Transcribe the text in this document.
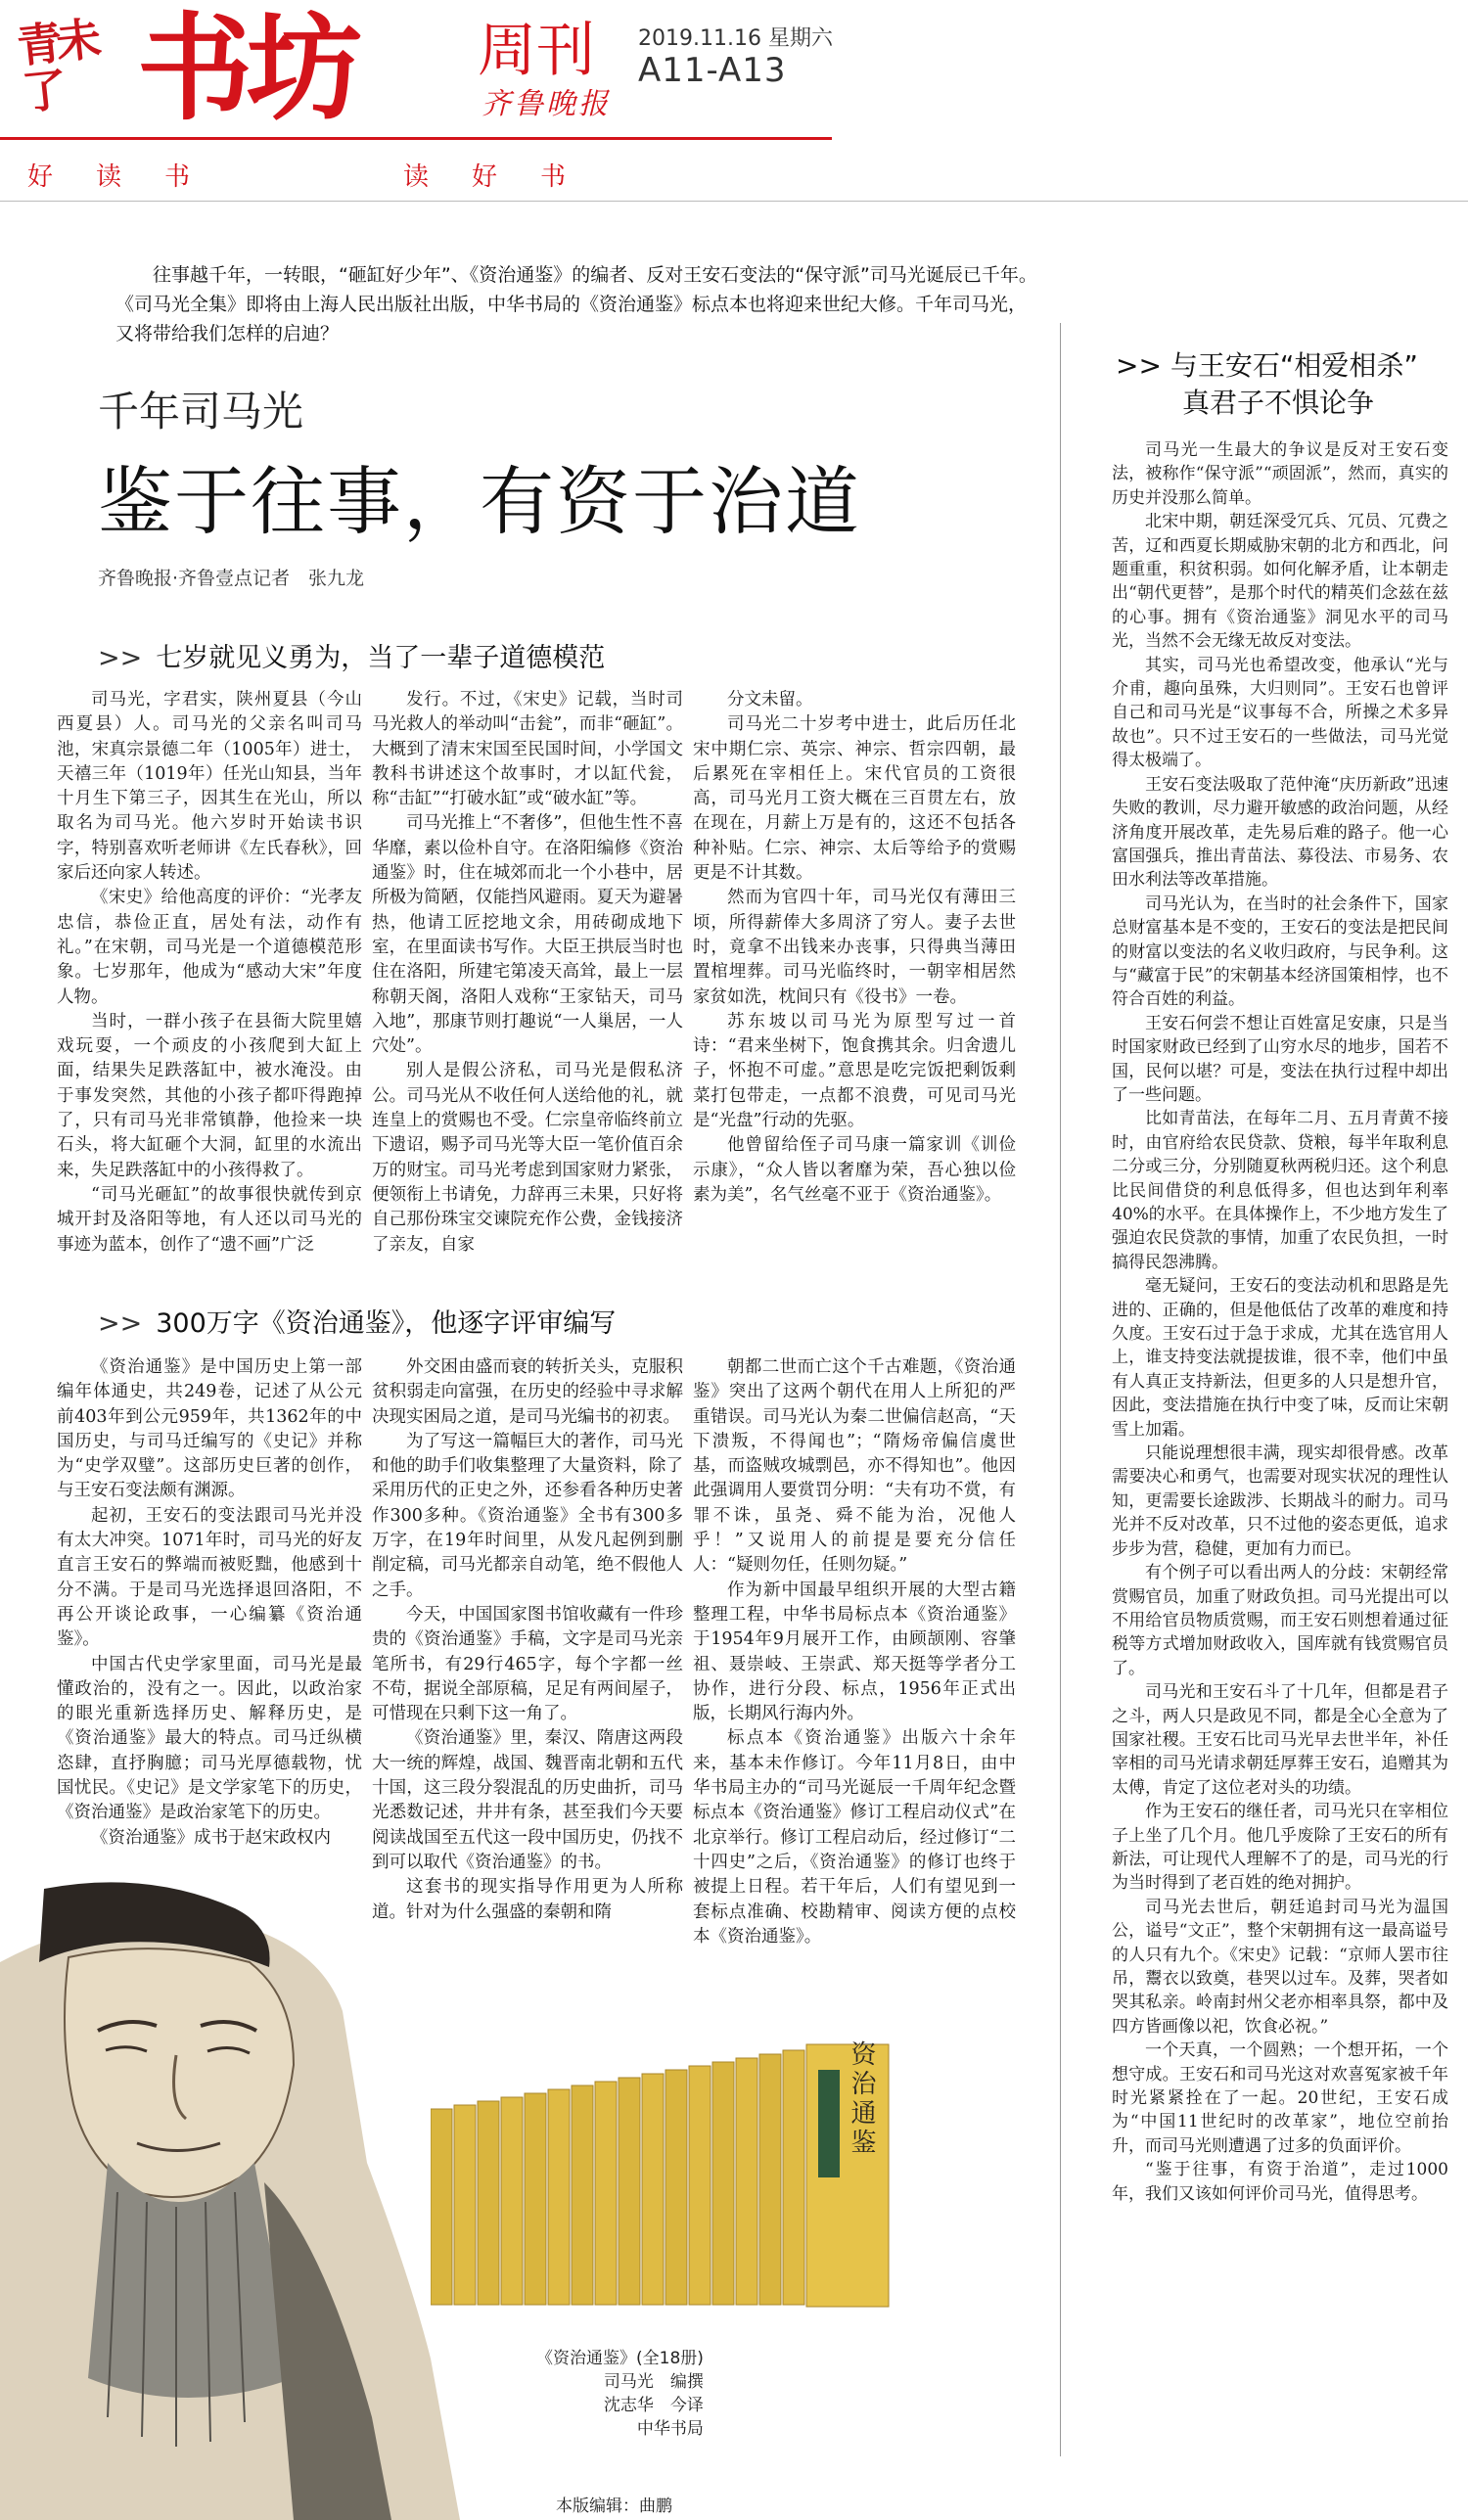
青未了 书坊 周刊
齐鲁晚报
2019.11.16 星期六
A11-A13
好读书	读好书
往事越千年，一转眼，“砸缸好少年”、《资治通鉴》的编者、反对王安石变法的“保守派”司马光诞辰已千年。《司马光全集》即将由上海人民出版社出版，中华书局的《资治通鉴》标点本也将迎来世纪大修。千年司马光，又将带给我们怎样的启迪？
千年司马光
鉴于往事，有资于治道
齐鲁晚报·齐鲁壹点记者　张九龙
>> 七岁就见义勇为，当了一辈子道德模范

司马光，字君实，陕州夏县（今山西夏县）人。司马光的父亲名叫司马池，宋真宗景德二年（1005年）进士，天禧三年（1019年）任光山知县，当年十月生下第三子，因其生在光山，所以取名为司马光。他六岁时开始读书识字，特别喜欢听老师讲《左氏春秋》，回家后还向家人转述。

《宋史》给他高度的评价：“光孝友忠信，恭俭正直，居处有法，动作有礼。”在宋朝，司马光是一个道德模范形象。七岁那年，他成为“感动大宋”年度人物。

当时，一群小孩子在县衙大院里嬉戏玩耍，一个顽皮的小孩爬到大缸上面，结果失足跌落缸中，被水淹没。由于事发突然，其他的小孩子都吓得跑掉了，只有司马光非常镇静，他捡来一块石头，将大缸砸个大洞，缸里的水流出来，失足跌落缸中的小孩得救了。

“司马光砸缸”的故事很快就传到京城开封及洛阳等地，有人还以司马光的事迹为蓝本，创作了“遗不画”广泛

发行。不过，《宋史》记载，当时司马光救人的举动叫“击瓮”，而非“砸缸”。大概到了清末宋国至民国时间，小学国文教科书讲述这个故事时，才以缸代瓮，称“击缸”“打破水缸”或“破水缸”等。

司马光推上“不奢侈”，但他生性不喜华靡，素以俭朴自守。在洛阳编修《资治通鉴》时，住在城郊而北一个小巷中，居所极为简陋，仅能挡风避雨。夏天为避暑热，他请工匠挖地文余，用砖砌成地下室，在里面读书写作。大臣王拱辰当时也住在洛阳，所建宅第凌天高耸，最上一层称朝天阁，洛阳人戏称“王家钻天，司马入地”，那康节则打趣说“一人巢居，一人穴处”。

别人是假公济私，司马光是假私济公。司马光从不收任何人送给他的礼，就连皇上的赏赐也不受。仁宗皇帝临终前立下遗诏，赐予司马光等大臣一笔价值百余万的财宝。司马光考虑到国家财力紧张，便领衔上书请免，力辞再三未果，只好将自己那份珠宝交谏院充作公费，金钱接济了亲友，自家

分文未留。

司马光二十岁考中进士，此后历任北宋中期仁宗、英宗、神宗、哲宗四朝，最后累死在宰相任上。宋代官员的工资很高，司马光月工资大概在三百贯左右，放在现在，月薪上万是有的，这还不包括各种补贴。仁宗、神宗、太后等给予的赏赐更是不计其数。

然而为官四十年，司马光仅有薄田三顷，所得薪俸大多周济了穷人。妻子去世时，竟拿不出钱来办丧事，只得典当薄田置棺埋葬。司马光临终时，一朝宰相居然家贫如洗，枕间只有《役书》一卷。

苏东坡以司马光为原型写过一首诗：“君来坐树下，饱食携其余。归舍遗儿子，怀抱不可虚。”意思是吃完饭把剩饭剩菜打包带走，一点都不浪费，可见司马光是“光盘”行动的先驱。

他曾留给侄子司马康一篇家训《训俭示康》，“众人皆以奢靡为荣，吾心独以俭素为美”，名气丝毫不亚于《资治通鉴》。

>> 300万字《资治通鉴》，他逐字评审编写

《资治通鉴》是中国历史上第一部编年体通史，共249卷，记述了从公元前403年到公元959年，共1362年的中国历史，与司马迁编写的《史记》并称为“史学双璧”。这部历史巨著的创作，与王安石变法颇有渊源。

起初，王安石的变法跟司马光并没有太大冲突。1071年时，司马光的好友直言王安石的弊端而被贬黜，他感到十分不满。于是司马光选择退回洛阳，不再公开谈论政事，一心编纂《资治通鉴》。

中国古代史学家里面，司马光是最懂政治的，没有之一。因此，以政治家的眼光重新选择历史、解释历史，是《资治通鉴》最大的特点。司马迁纵横恣肆，直抒胸臆；司马光厚德载物，忧国忧民。《史记》是文学家笔下的历史，《资治通鉴》是政治家笔下的历史。

《资治通鉴》成书于赵宋政权内

外交困由盛而衰的转折关头，克服积贫积弱走向富强，在历史的经验中寻求解决现实困局之道，是司马光编书的初衷。

为了写这一篇幅巨大的著作，司马光和他的助手们收集整理了大量资料，除了采用历代的正史之外，还参看各种历史著作300多种。《资治通鉴》全书有300多万字，在19年时间里，从发凡起例到删削定稿，司马光都亲自动笔，绝不假他人之手。

今天，中国国家图书馆收藏有一件珍贵的《资治通鉴》手稿，文字是司马光亲笔所书，有29行465字，每个字都一丝不苟，据说全部原稿，足足有两间屋子，可惜现在只剩下这一角了。

《资治通鉴》里，秦汉、隋唐这两段大一统的辉煌，战国、魏晋南北朝和五代十国，这三段分裂混乱的历史曲折，司马光悉数记述，井井有条，甚至我们今天要阅读战国至五代这一段中国历史，仍找不到可以取代《资治通鉴》的书。

这套书的现实指导作用更为人所称道。针对为什么强盛的秦朝和隋

朝都二世而亡这个千古难题，《资治通鉴》突出了这两个朝代在用人上所犯的严重错误。司马光认为秦二世偏信赵高，“天下溃叛，不得闻也”；“隋炀帝偏信虞世基，而盗贼攻城剽邑，亦不得知也”。他因此强调用人要赏罚分明：“夫有功不赏，有罪不诛，虽尧、舜不能为治，况他人乎！”又说用人的前提是要充分信任人：“疑则勿任，任则勿疑。”

作为新中国最早组织开展的大型古籍整理工程，中华书局标点本《资治通鉴》于1954年9月展开工作，由顾颉刚、容肇祖、聂崇岐、王崇武、郑天挺等学者分工协作，进行分段、标点，1956年正式出版，长期风行海内外。

标点本《资治通鉴》出版六十余年来，基本未作修订。今年11月8日，由中华书局主办的“司马光诞辰一千周年纪念暨标点本《资治通鉴》修订工程启动仪式”在北京举行。修订工程启动后，经过修订“二十四史”之后，《资治通鉴》的修订也终于被提上日程。若干年后，人们有望见到一套标点准确、校勘精审、阅读方便的点校本《资治通鉴》。

>> 与王安石“相爱相杀”
真君子不惧论争

司马光一生最大的争议是反对王安石变法，被称作“保守派”“顽固派”，然而，真实的历史并没那么简单。

北宋中期，朝廷深受冗兵、冗员、冗费之苦，辽和西夏长期威胁宋朝的北方和西北，问题重重，积贫积弱。如何化解矛盾，让本朝走出“朝代更替”，是那个时代的精英们念兹在兹的心事。拥有《资治通鉴》洞见水平的司马光，当然不会无缘无故反对变法。

其实，司马光也希望改变，他承认“光与介甫，趣向虽殊，大归则同”。王安石也曾评自己和司马光是“议事每不合，所操之术多异故也”。只不过王安石的一些做法，司马光觉得太极端了。

王安石变法吸取了范仲淹“庆历新政”迅速失败的教训，尽力避开敏感的政治问题，从经济角度开展改革，走先易后难的路子。他一心富国强兵，推出青苗法、募役法、市易务、农田水利法等改革措施。

司马光认为，在当时的社会条件下，国家总财富基本是不变的，王安石的变法是把民间的财富以变法的名义收归政府，与民争利。这与“藏富于民”的宋朝基本经济国策相悖，也不符合百姓的利益。

王安石何尝不想让百姓富足安康，只是当时国家财政已经到了山穷水尽的地步，国若不国，民何以堪？可是，变法在执行过程中却出了一些问题。

比如青苗法，在每年二月、五月青黄不接时，由官府给农民贷款、贷粮，每半年取利息二分或三分，分别随夏秋两税归还。这个利息比民间借贷的利息低得多，但也达到年利率40%的水平。在具体操作上，不少地方发生了强迫农民贷款的事情，加重了农民负担，一时搞得民怨沸腾。

毫无疑问，王安石的变法动机和思路是先进的、正确的，但是他低估了改革的难度和持久度。王安石过于急于求成，尤其在选官用人上，谁支持变法就提拔谁，很不幸，他们中虽有人真正支持新法，但更多的人只是想升官，因此，变法措施在执行中变了味，反而让宋朝雪上加霜。

只能说理想很丰满，现实却很骨感。改革需要决心和勇气，也需要对现实状况的理性认知，更需要长途跋涉、长期战斗的耐力。司马光并不反对改革，只不过他的姿态更低，追求步步为营，稳健，更加有力而已。

有个例子可以看出两人的分歧：宋朝经常赏赐官员，加重了财政负担。司马光提出可以不用给官员物质赏赐，而王安石则想着通过征税等方式增加财政收入，国库就有钱赏赐官员了。

司马光和王安石斗了十几年，但都是君子之斗，两人只是政见不同，都是全心全意为了国家社稷。王安石比司马光早去世半年，补任宰相的司马光请求朝廷厚葬王安石，追赠其为太傅，肯定了这位老对头的功绩。

作为王安石的继任者，司马光只在宰相位子上坐了几个月。他几乎废除了王安石的所有新法，可让现代人理解不了的是，司马光的行为当时得到了老百姓的绝对拥护。

司马光去世后，朝廷追封司马光为温国公，谥号“文正”，整个宋朝拥有这一最高谥号的人只有九个。《宋史》记载：“京师人罢市往吊，鬻衣以致奠，巷哭以过车。及葬，哭者如哭其私亲。岭南封州父老亦相率具祭，都中及四方皆画像以祀，饮食必祝。”

一个天真，一个圆熟；一个想开拓，一个想守成。王安石和司马光这对欢喜冤家被千年时光紧紧拴在了一起。20世纪，王安石成为“中国11世纪时的改革家”，地位空前抬升，而司马光则遭遇了过多的负面评价。

“鉴于往事，有资于治道”，走过1000年，我们又该如何评价司马光，值得思考。

资治通鉴
《资治通鉴》(全18册)
司马光　编撰
沈志华　今译
中华书局
本版编辑：曲鹏
